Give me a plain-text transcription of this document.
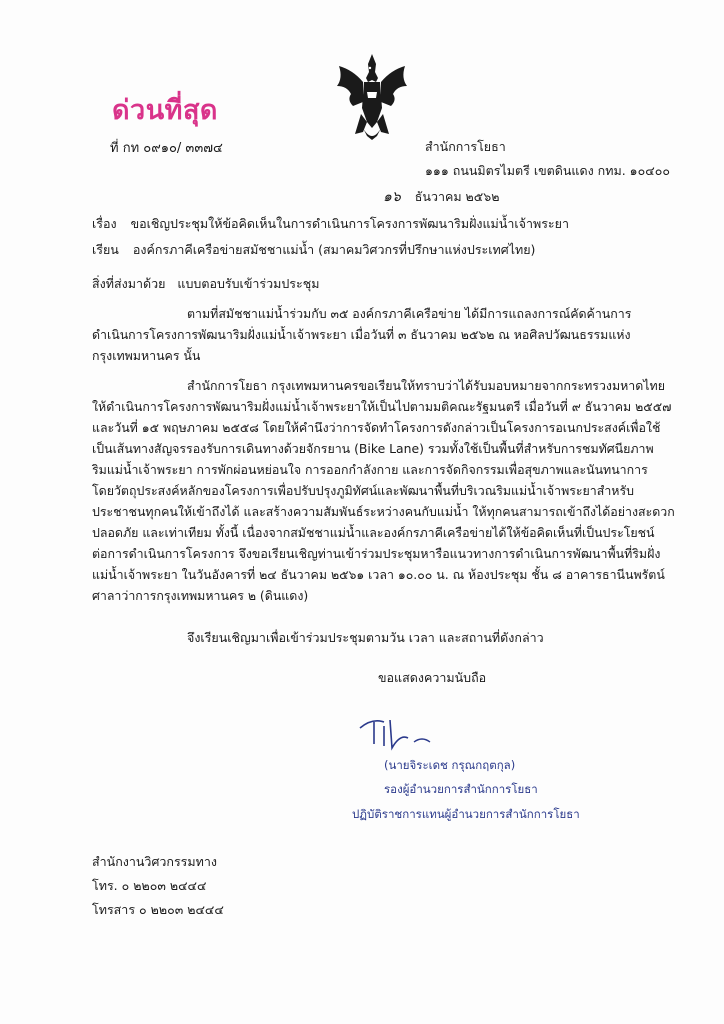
ด่วนที่สุด
ที่ กท ๐๙๑๐/ ๓๓๗๔	สำนักการโยธา
๑๑๑ ถนนมิตรไมตรี เขตดินแดง กทม. ๑๐๔๐๐
๑๖ ธันวาคม ๒๕๖๒
เรื่อง ขอเชิญประชุมให้ข้อคิดเห็นในการดำเนินการโครงการพัฒนาริมฝั่งแม่น้ำเจ้าพระยา
เรียน องค์กรภาคีเครือข่ายสมัชชาแม่น้ำ (สมาคมวิศวกรที่ปรึกษาแห่งประเทศไทย)
สิ่งที่ส่งมาด้วย แบบตอบรับเข้าร่วมประชุม

ตามที่สมัชชาแม่น้ำร่วมกับ ๓๕ องค์กรภาคีเครือข่าย ได้มีการแถลงการณ์คัดค้านการ

ดำเนินการโครงการพัฒนาริมฝั่งแม่น้ำเจ้าพระยา เมื่อวันที่ ๓ ธันวาคม ๒๕๖๒ ณ หอศิลปวัฒนธรรมแห่ง

กรุงเทพมหานคร นั้น

สำนักการโยธา กรุงเทพมหานครขอเรียนให้ทราบว่าได้รับมอบหมายจากกระทรวงมหาดไทย

ให้ดำเนินการโครงการพัฒนาริมฝั่งแม่น้ำเจ้าพระยาให้เป็นไปตามมติคณะรัฐมนตรี เมื่อวันที่ ๙ ธันวาคม ๒๕๕๗

และวันที่ ๑๕ พฤษภาคม ๒๕๕๘ โดยให้คำนึงว่าการจัดทำโครงการดังกล่าวเป็นโครงการอเนกประสงค์เพื่อใช้

เป็นเส้นทางสัญจรรองรับการเดินทางด้วยจักรยาน (Bike Lane) รวมทั้งใช้เป็นพื้นที่สำหรับการชมทัศนียภาพ

ริมแม่น้ำเจ้าพระยา การพักผ่อนหย่อนใจ การออกกำลังกาย และการจัดกิจกรรมเพื่อสุขภาพและนันทนาการ

โดยวัตถุประสงค์หลักของโครงการเพื่อปรับปรุงภูมิทัศน์และพัฒนาพื้นที่บริเวณริมแม่น้ำเจ้าพระยาสำหรับ

ประชาชนทุกคนให้เข้าถึงได้ และสร้างความสัมพันธ์ระหว่างคนกับแม่น้ำ ให้ทุกคนสามารถเข้าถึงได้อย่างสะดวก

ปลอดภัย และเท่าเทียม ทั้งนี้ เนื่องจากสมัชชาแม่น้ำและองค์กรภาคีเครือข่ายได้ให้ข้อคิดเห็นที่เป็นประโยชน์

ต่อการดำเนินการโครงการ จึงขอเรียนเชิญท่านเข้าร่วมประชุมหารือแนวทางการดำเนินการพัฒนาพื้นที่ริมฝั่ง

แม่น้ำเจ้าพระยา ในวันอังคารที่ ๒๔ ธันวาคม ๒๕๖๑ เวลา ๑๐.๐๐ น. ณ ห้องประชุม ชั้น ๘ อาคารธานีนพรัตน์

ศาลาว่าการกรุงเทพมหานคร ๒ (ดินแดง)

จึงเรียนเชิญมาเพื่อเข้าร่วมประชุมตามวัน เวลา และสถานที่ดังกล่าว
ขอแสดงความนับถือ
(นายจิระเดช กรุณกฤตกุล)
รองผู้อำนวยการสำนักการโยธา
ปฏิบัติราชการแทนผู้อำนวยการสำนักการโยธา
สำนักงานวิศวกรรมทาง
โทร. ๐ ๒๒๐๓ ๒๔๔๔
โทรสาร ๐ ๒๒๐๓ ๒๔๔๔
